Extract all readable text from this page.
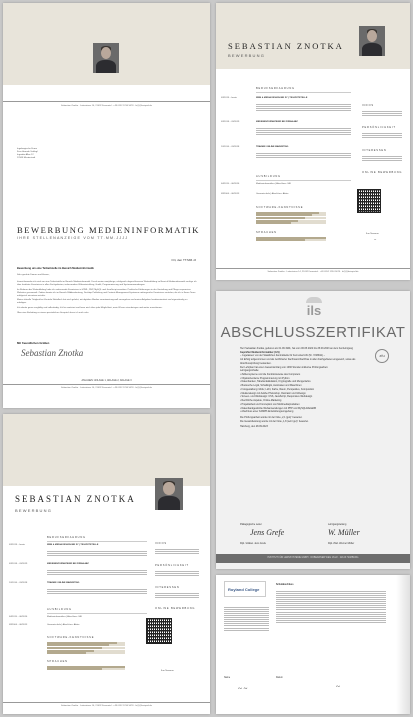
Sebastian Znotka · Loitzsteiner 14, 21032 Frauental · +49 0152 1234 5678 · hi@@beispiel.de
Ingeborgische Firma
Frau Hannah Schlogl
Ingrader Allee 12
12345 Musterstadt
BEWERBUNG MEDIENINFORMATIK
IHRE STELLENANZEIGE VOM TT.MM.JJJJ
Ort, den TT.MM.JJ
Bewerbung um eine Teilzeitstelle im Bereich Medieninformatik
Sehr geehrte Damen und Herren,

hiermit bewerbe ich mich um eine Teilzeitstelle im Bereich Medieninformatik. Durch meine zweijährige, erfolgreich abgeschlossene Weiterbildung im Bereich Medieninformatik verfüge ich über fundierte Kenntnisse in allen Fachgebieten, insbesondere Webentwicklung, Grafik, Programmierung und Systemanwendungen.

Im Rahmen der Weiterbildung habe ich umfassende Kenntnisse in HTML, PHP, MySQL und JavaScript erworben. Praktische Erfahrungen in der Gestaltung und Pflege responsiver Websites gesammelt. Zudem konnte ich im Bereich Bildbearbeitung, Desktop Publishing und Content-Management-Systemen umfangreiche Kenntnisse vertiefen, die ich in Ihrem Team erfolgreich einsetzen möchte.

Meine aktuelle Tätigkeit bei Zentrale Nettofleck hat mich gelehrt, mit digitalen Medien verantwortungsvoll umzugehen und meine Aufgaben kundenorientiert und eigenständig zu erledigen.

Ich arbeite gerne sorgfältig und selbständig. Ich bin motiviert und freue mich über jede Möglichkeit, mein Wissen einzubringen und weiter auszubauen.

Über eine Einladung zu einem persönlichen Gespräch freue ich mich sehr.

Mit freundlichen Grüßen
Sebastian Znotka
ANLAGEN: ANLAGE 1, ANLAGE 2, ANLAGE 3
Sebastian Znotka · Loitzsteiner 14, 21032 Frauental · +49 0152 1234 5678 · hi@@beispiel.de
SEBASTIAN ZNOTKA
BEWERBUNG
BERUFSERFAHRUNG
03/2019 – heute	WEB & MEDIA DESIGN BEI XY | TEILZEITSTELLE
03/2018 – 03/2019	MEDIENINFORMATIKER BEI FIRMA ABC
10/2016 – 03/2018	TRAINEE ONLINE MARKETING
AUSBILDUNG
04/2015 – 06/2016	Medieninformatiker | Abschluss: IHK
09/2004 – 06/2013	Gesamtschule | Abschluss: Abitur
SOFTWARE-KENNTNISSE
SPRACHEN
INFOS
PERSÖNLICHKEIT
INTERESSEN
ONLINE BEWERBUNG
Ihre Nummer
~
Sebastian Znotka · Loitzsteiner 14, 21032 Frauental · +49 0152 1234 5678 · hi@@beispiel.de
ils
ABSCHLUSSZERTIFIKAT
zfu
Herr Sebastian Znotka, geboren am 01.06.1991, hat vom 06.05.2022 bis 25.09.2023 an dem Fernlehrgang
Geprüfter Medieninformatiker (ILS)
– zugelassen von der Staatlichen Zentralstelle für Fernunterricht (Nr. 7228611) –
mit Erfolg teilgenommen und als zertifizierter Fachmann/Fachfrau in allen Fachgebieten eingesetzt, sowie als Abschlussprüfung bestanden.
Der Lehrplan hat einen Gesamtumfang von 1030 Stunden inklusive Prüfungsarbeit.
Lehrgangsinhalte:
• Zahlensysteme und die Funktionsweise des Computers
• Objektorientierte Programmierung mit Python
• Datenbanken, Tabellenkalkulation, Kryptografie und Mengenlehre
• Boolesche Logik, Schaltlogik, Automaten und Maschinen
• Fotogestaltung: Motiv, Licht, Farbe, Raum, Perspektive, Komposition
• Mediendesign mit Adobe Photoshop, Illustrator und InDesign
• Screen- und Webdesign: CSS, JavaScript, Responsive Webdesign
• Rechtliche Aspekte, Online-Marketing
• Projektarbeit und Konzeption von Multimediaprodukten
• Datenbankgestützte Webanwendungen mit PHP und MySQL/MariaDB
• Abschluss einer XAMPP-Entwicklungsumgebung
Die Prüfungsarbeit wurde mit der Note „2,1 (gut)“ bewertet.
Die Gesamtleistung wurde mit der Note „1,8 (sehr gut)“ bewertet.
Hamburg, den 28.09.2023
Pädagogische Leiter	Lehrgangsleitung
Jens Grefe	W. Müller
Dipl.-Volksw. Jens Grefe	Dipl.-Päd. Werner Müller
INSTITUT FÜR LERNSYSTEME GMBH · DOBERANER WEG 18-22 · 22143 HAMBURG
SEBASTIAN ZNOTKA
BEWERBUNG
BERUFSERFAHRUNG
03/2019 – heute	WEB & MEDIA DESIGN BEI XY | TEILZEITSTELLE
03/2018 – 03/2019	MEDIENINFORMATIKER BEI FIRMA ABC
10/2016 – 03/2018	TRAINEE ONLINE MARKETING
AUSBILDUNG
04/2015 – 06/2016	Medieninformatiker | Abschluss: IHK
09/2004 – 06/2013	Gesamtschule | Abschluss: Abitur
SOFTWARE-KENNTNISSE
SPRACHEN
INFOS
PERSÖNLICHKEIT
INTERESSEN
ONLINE BEWERBUNG
Ihre Nummer
Sebastian Znotka · Loitzsteiner 14, 21032 Frauental · +49 0152 1234 5678 · hi@@beispiel.de
Royland College
Schulabschluss
Name	Datum
~ ~	~
